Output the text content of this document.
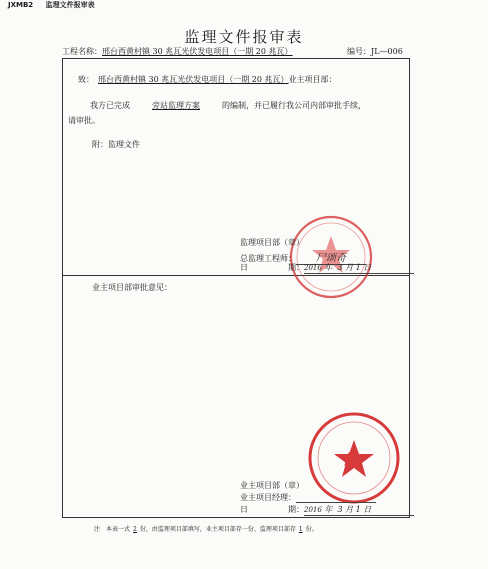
JXMB2 监理文件报审表
监理文件报审表
工程名称：邢台西黄村镇 30 兆瓦光伏发电项目（一期 20 兆瓦）	编号：JL—006
致： 邢台西黄村镇 30 兆瓦光伏发电项目（一期 20 兆瓦）业主项目部：
我方已完成	旁站监理方案	的编制，并已履行我公司内部审批手续，
请审批。
附：监理文件
监理项目部（章）
总监理工程师： 尸颂奇
日	期：2016 年 3 月 1 日
业主项目部审批意见：
★
业主项目部（章）
业主项目经理：
日	期：2016 年 3 月 1 日
注　本表一式 2 份，由监理项目部填写，业主项目部存一份、监理项目部存 1 份。
